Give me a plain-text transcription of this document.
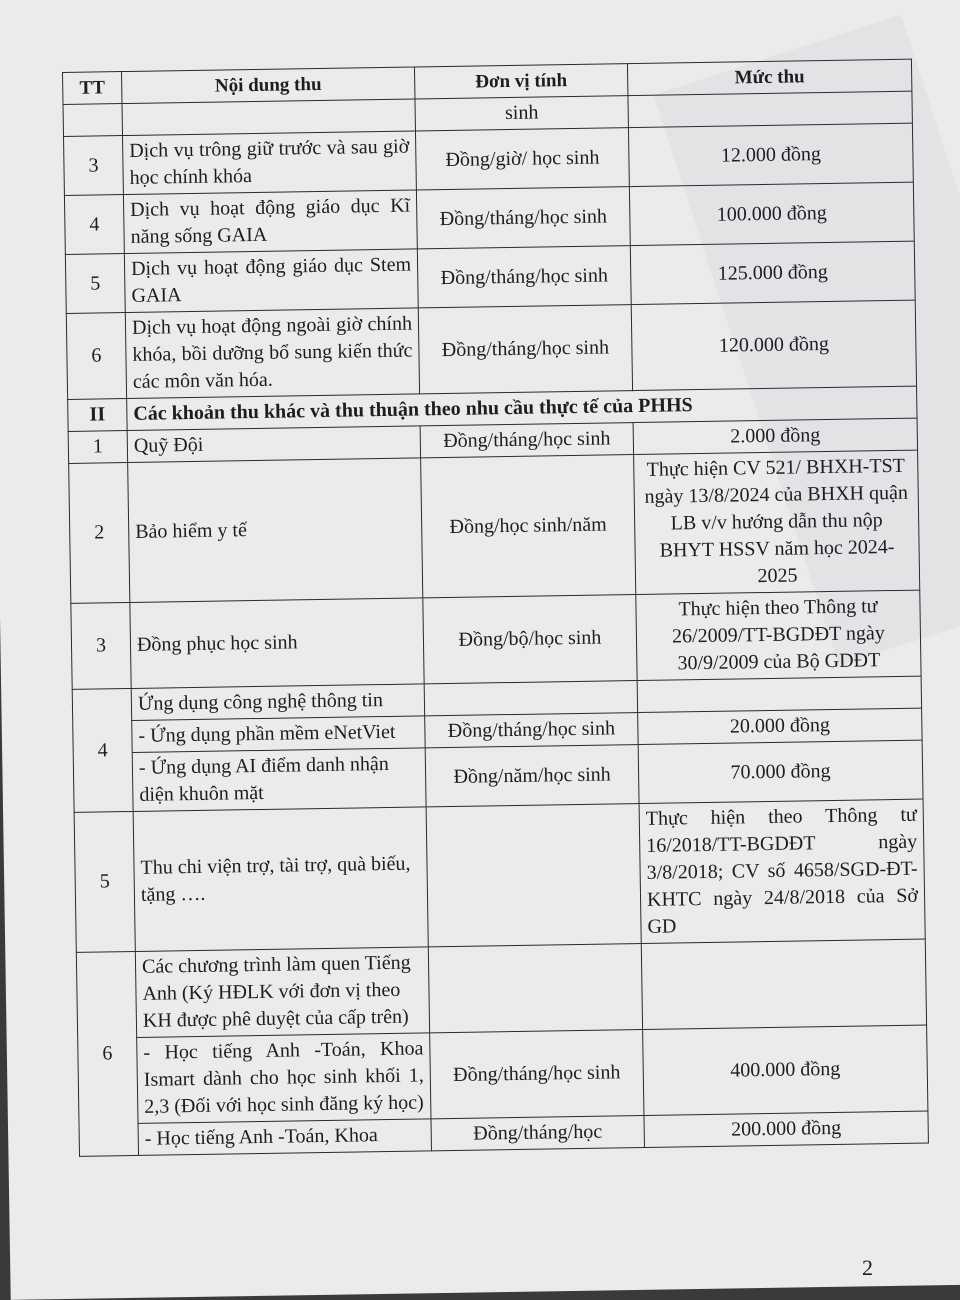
TT	Nội dung thu	Đơn vị tính	Mức thu
		sinh	
3	Dịch vụ trông giữ trước và sau giờ học chính khóa	Đồng/giờ/ học sinh	12.000 đồng
4	Dịch vụ hoạt động giáo dục Kĩ năng sống GAIA	Đồng/tháng/học sinh	100.000 đồng
5	Dịch vụ hoạt động giáo dục Stem GAIA	Đồng/tháng/học sinh	125.000 đồng
6	Dịch vụ hoạt động ngoài giờ chính khóa, bồi dưỡng bổ sung kiến thức các môn văn hóa.	Đồng/tháng/học sinh	120.000 đồng
II	Các khoản thu khác và thu thuận theo nhu cầu thực tế của PHHS		
1	Quỹ Đội	Đồng/tháng/học sinh	2.000 đồng
2	Bảo hiểm y tế	Đồng/học sinh/năm	Thực hiện CV 521/ BHXH-TST ngày 13/8/2024 của BHXH quận LB v/v hướng dẫn thu nộp BHYT HSSV năm học 2024-2025
3	Đồng phục học sinh	Đồng/bộ/học sinh	Thực hiện theo Thông tư 26/2009/TT-BGDĐT ngày 30/9/2009 của Bộ GDĐT
4	Ứng dụng công nghệ thông tin		
	- Ứng dụng phần mềm eNetViet	Đồng/tháng/học sinh	20.000 đồng
	- Ứng dụng AI điểm danh nhận diện khuôn mặt	Đồng/năm/học sinh	70.000 đồng
5	Thu chi viện trợ, tài trợ, quà biếu, tặng ….		Thực hiện theo Thông tư 16/2018/TT-BGDĐT ngày 3/8/2018; CV số 4658/SGD-ĐT-KHTC ngày 24/8/2018 của Sở GD
6	Các chương trình làm quen Tiếng Anh (Ký HĐLK với đơn vị theo KH được phê duyệt của cấp trên)		
	- Học tiếng Anh -Toán, Khoa Ismart dành cho học sinh khối 1, 2,3 (Đối với học sinh đăng ký học)	Đồng/tháng/học sinh	400.000 đồng
	- Học tiếng Anh -Toán, Khoa	Đồng/tháng/học	200.000 đồng
2
